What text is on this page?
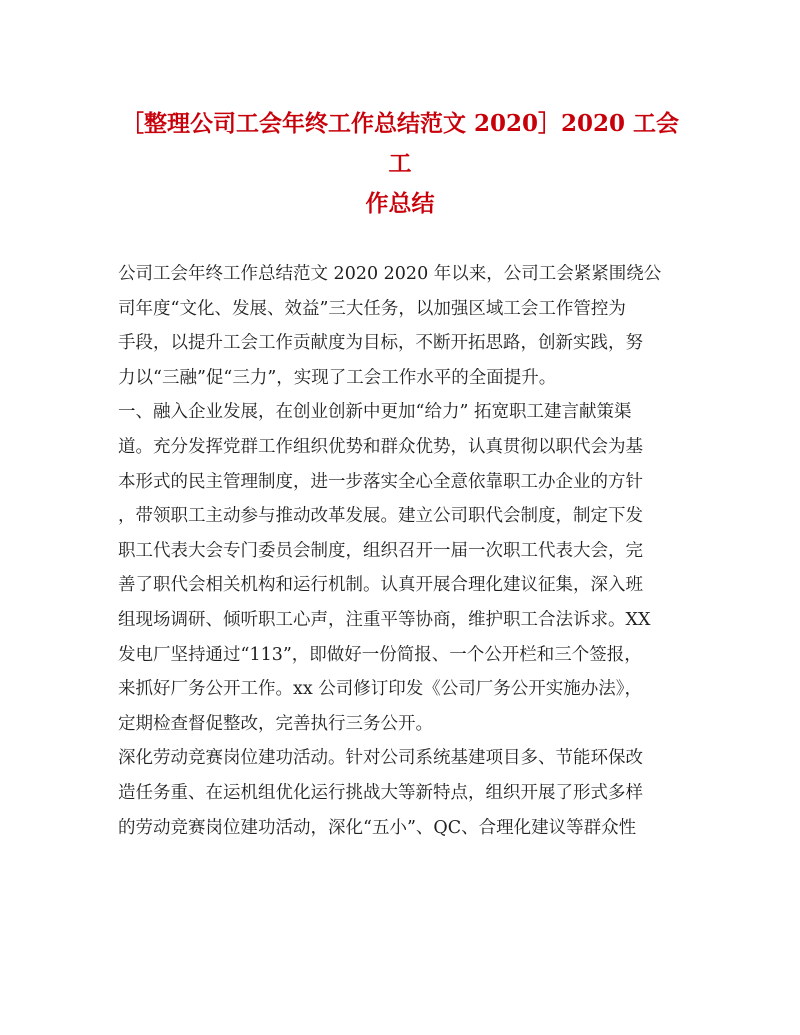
［整理公司工会年终工作总结范文 2020］2020 工会工
作总结
公司工会年终工作总结范文 2020 2020 年以来，公司工会紧紧围绕公
司年度“文化、发展、效益”三大任务，以加强区域工会工作管控为
手段，以提升工会工作贡献度为目标，不断开拓思路，创新实践，努
力以“三融”促“三力”，实现了工会工作水平的全面提升。
一、融入企业发展，在创业创新中更加“给力” 拓宽职工建言献策渠
道。充分发挥党群工作组织优势和群众优势，认真贯彻以职代会为基
本形式的民主管理制度，进一步落实全心全意依靠职工办企业的方针
，带领职工主动参与推动改革发展。建立公司职代会制度，制定下发
职工代表大会专门委员会制度，组织召开一届一次职工代表大会，完
善了职代会相关机构和运行机制。认真开展合理化建议征集，深入班
组现场调研、倾听职工心声，注重平等协商，维护职工合法诉求。XX
发电厂坚持通过“113”，即做好一份简报、一个公开栏和三个签报，
来抓好厂务公开工作。xx 公司修订印发《公司厂务公开实施办法》，
定期检查督促整改，完善执行三务公开。
深化劳动竞赛岗位建功活动。针对公司系统基建项目多、节能环保改
造任务重、在运机组优化运行挑战大等新特点，组织开展了形式多样
的劳动竞赛岗位建功活动，深化“五小”、QC、合理化建议等群众性
